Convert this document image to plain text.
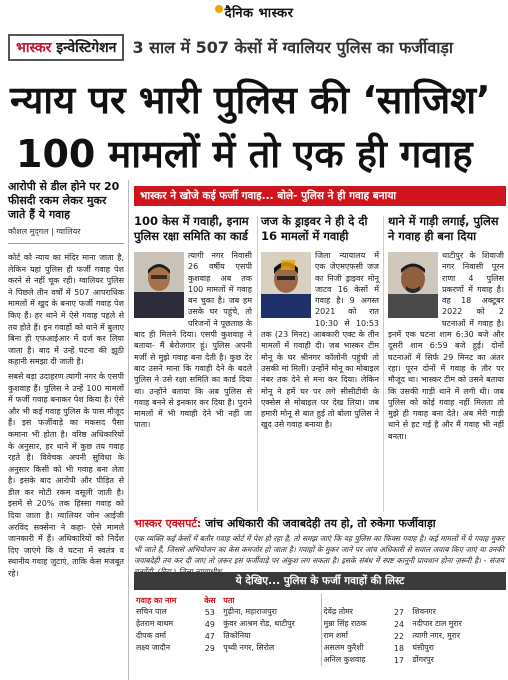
दैनिक भास्कर
भास्कर इन्वेस्टिगेशन	3 साल में 507 केसों में ग्वालियर पुलिस का फर्जीवाड़ा
न्याय पर भारी पुलिस की ‘साजिश’
100 मामलों में तो एक ही गवाह
आरोपी से डील होने पर 20 फीसदी रकम लेकर मुकर जाते हैं ये गवाह
कौशल मुद्‌गल | ग्वालियर

कोर्ट को न्याय का मंदिर माना जाता है, लेकिन यहां पुलिस ही फर्जी गवाह पेश करने से नहीं चूक रही। ग्वालियर पुलिस ने पिछले तीन वर्षों में 507 आपराधिक मामलों में खुद के बनाए फर्जी गवाह पेश किए हैं। हर थाने में ऐसे गवाह पहले से तय होते हैं। इन गवाहों को थाने में बुलाए बिना ही एफआईआर में दर्ज कर लिया जाता है। बाद में उन्हें घटना की झूठी कहानी समझा दी जाती है।

सबसे बड़ा उदाहरण त्यागी नगर के एसपी कुशवाह हैं। पुलिस ने उन्हें 100 मामलों में फर्जी गवाह बनाकर पेश किया है। ऐसे और भी कई गवाह पुलिस के पास मौजूद हैं। इस फर्जीवाड़े का मकसद पैसा कमाना भी होता है। वरिष्ठ अधिकारियों के अनुसार, हर थाने में कुछ तय गवाह रहते हैं। विवेचक अपनी सुविधा के अनुसार किसी को भी गवाह बना लेता है। इसके बाद आरोपी और पीड़ित से डील कर मोटी रकम वसूली जाती है। इसमें से 20% तक हिस्सा गवाह को दिया जाता है। ग्वालियर जोन आईजी अरविंद सक्सेना ने कहा- ऐसे मामले जानकारी में हैं। अधिकारियों को निर्देश दिए जाएंगे कि वे घटना में स्वतंत्र व स्थानीय गवाह जुटाएं, ताकि केस मजबूत रहे।

भास्कर ने खोजे कई फर्जी गवाह... बोले- पुलिस ने ही गवाह बनाया
100 केस में गवाही, इनाम पुलिस रक्षा समिति का कार्ड

त्यागी नगर निवासी 26 वर्षीय एसपी कुशवाह अब तक 100 मामलों में गवाह बन चुका है। जब हम उसके घर पहुंचे, तो परिजनों ने पूछताछ के बाद ही मिलने दिया। एसपी कुशवाह ने बताया- मैं बेरोजगार हूं। पुलिस अपनी मर्जी से मुझे गवाह बना देती है। कुछ देर बाद उसने माना कि गवाही देने के बदले पुलिस ने उसे रक्षा समिति का कार्ड दिया था। उन्होंने बताया कि अब पुलिस से गवाह बनने से इनकार कर दिया है। पुराने मामलों में भी गवाही देने भी नहीं जा पाता।

जज के ड्राइवर ने ही दे दी 16 मामलों में गवाही

जिला न्यायालय में एक जेएमएफसी जज का निजी ड्राइवर मोनू जाटव 16 केसों में गवाह है। 9 अगस्त 2021 को रात 10:30 से 10:53 तक (23 मिनट) आबकारी एक्ट के तीन मामलों में गवाही दी। जब भास्कर टीम मोनू के घर श्रीनगर कॉलोनी पहुंची तो उसकी मां मिलीं। उन्होंने मोनू का मोबाइल नंबर तक देने से मना कर दिया। लेकिन मोनू ने हमें घर पर लगे सीसीटीवी के एक्सेस से मोबाइल पर देख लिया। जब हमारी मोनू से बात हुई तो बोला पुलिस ने खुद उसे गवाह बनाया है।

थाने में गाड़ी लगाई, पुलिस ने गवाह ही बना दिया

थाटीपुर के शिवाजी नगर निवासी पूरन राणा 4 पुलिस प्रकरणों में गवाह है। वह 18 अक्टूबर 2022 को 2 घटनाओं में गवाह है। इनमें एक घटना शाम 6:30 बजे और दूसरी शाम 6:59 बजे हुई। दोनों घटनाओं में सिर्फ 29 मिनट का अंतर रहा। पूरन दोनों में गवाह के तौर पर मौजूद था। भास्कर टीम को उसने बताया कि उसकी गाड़ी थाने में लगी थी। जब पुलिस को कोई गवाह नहीं मिलता तो मुझे ही गवाह बना देते। अब मेरी गाड़ी थाने से हट गई है और मैं गवाह भी नहीं बनता।

भास्कर एक्सपर्ट: जांच अधिकारी की जवाबदेही तय हो, तो रुकेगा फर्जीवाड़ा
एक व्यक्ति कई केसों में बतौर गवाह कोर्ट में पेश हो रहा है, तो समझ जाएं कि यह पुलिस का फिक्स गवाह है। कई मामलों में ये गवाह मुकर भी जाते हैं, जिससे अभियोजन का केस कमजोर हो जाता है। गवाहों के मुकर जाने पर जांच अधिकारी से सवाल जवाब किए जाएं या उनकी जवाबदेही तय कर दी जाए तो ज़रूर इस फर्जीवाड़े पर अंकुश लग सकता है। इसके संबंध में स्पष्ट कानूनी प्रावधान होना ज़रूरी है। - संजय
ये देखिए... पुलिस के फर्जी गवाहों की लिस्ट
गवाह का नाम	केस	पता			
सचिन पाल	53	गुढ़ीना, महाराजपुरा	देवेंद्र तोमर	27	शिवनगर
हेतराम बाथम	49	कुंवर आश्रम रोड, थाटीपुर	मुन्ना सिंह राठक	24	नदीपार टाल मुरार
दीपक वर्मा	47	तिकोनिया	राम शर्मा	22	त्यागी नगर, मुरार
लक्ष्य जादौन	29	पृथ्वी नगर, सिरोल	असलम कुरैशी	18	घंसीपुरा
			अनिल कुशवाह	17	डोंगरपुर
